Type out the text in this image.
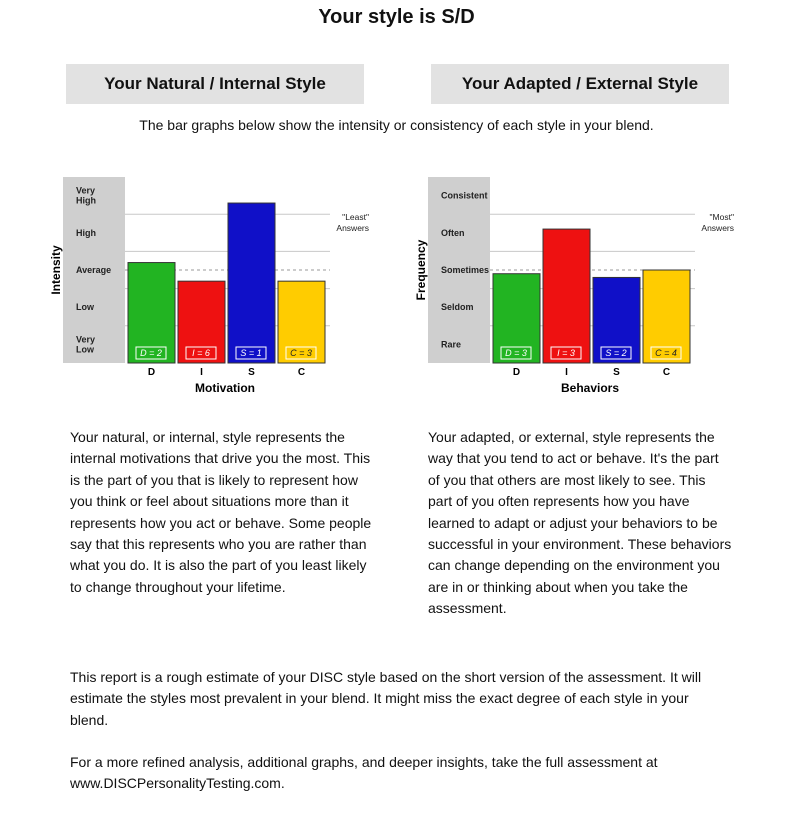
Your style is S/D
Your Natural / Internal Style	Your Adapted / External Style
The bar graphs below show the intensity or consistency of each style in your blend.
Very Low
Low
Average
High
Very High
Intensity
D = 2
D
I = 6
I
S = 1
S
C = 3
C
Motivation
"Least" Answers
Rare
Seldom
Sometimes
Often
Consistent
Frequency
D = 3
D
I = 3
I
S = 2
S
C = 4
C
Behaviors
"Most" Answers
Your natural, or internal, style represents the
internal motivations that drive you the most. This
is the part of you that is likely to represent how
you think or feel about situations more than it
represents how you act or behave. Some people
say that this represents who you are rather than
what you do. It is also the part of you least likely
to change throughout your lifetime.
Your adapted, or external, style represents the
way that you tend to act or behave. It's the part
of you that others are most likely to see. This
part of you often represents how you have
learned to adapt or adjust your behaviors to be
successful in your environment. These behaviors
can change depending on the environment you
are in or thinking about when you take the
assessment.
This report is a rough estimate of your DISC style based on the short version of the assessment. It will
estimate the styles most prevalent in your blend. It might miss the exact degree of each style in your
blend.
For a more refined analysis, additional graphs, and deeper insights, take the full assessment at
www.DISCPersonalityTesting.com.
